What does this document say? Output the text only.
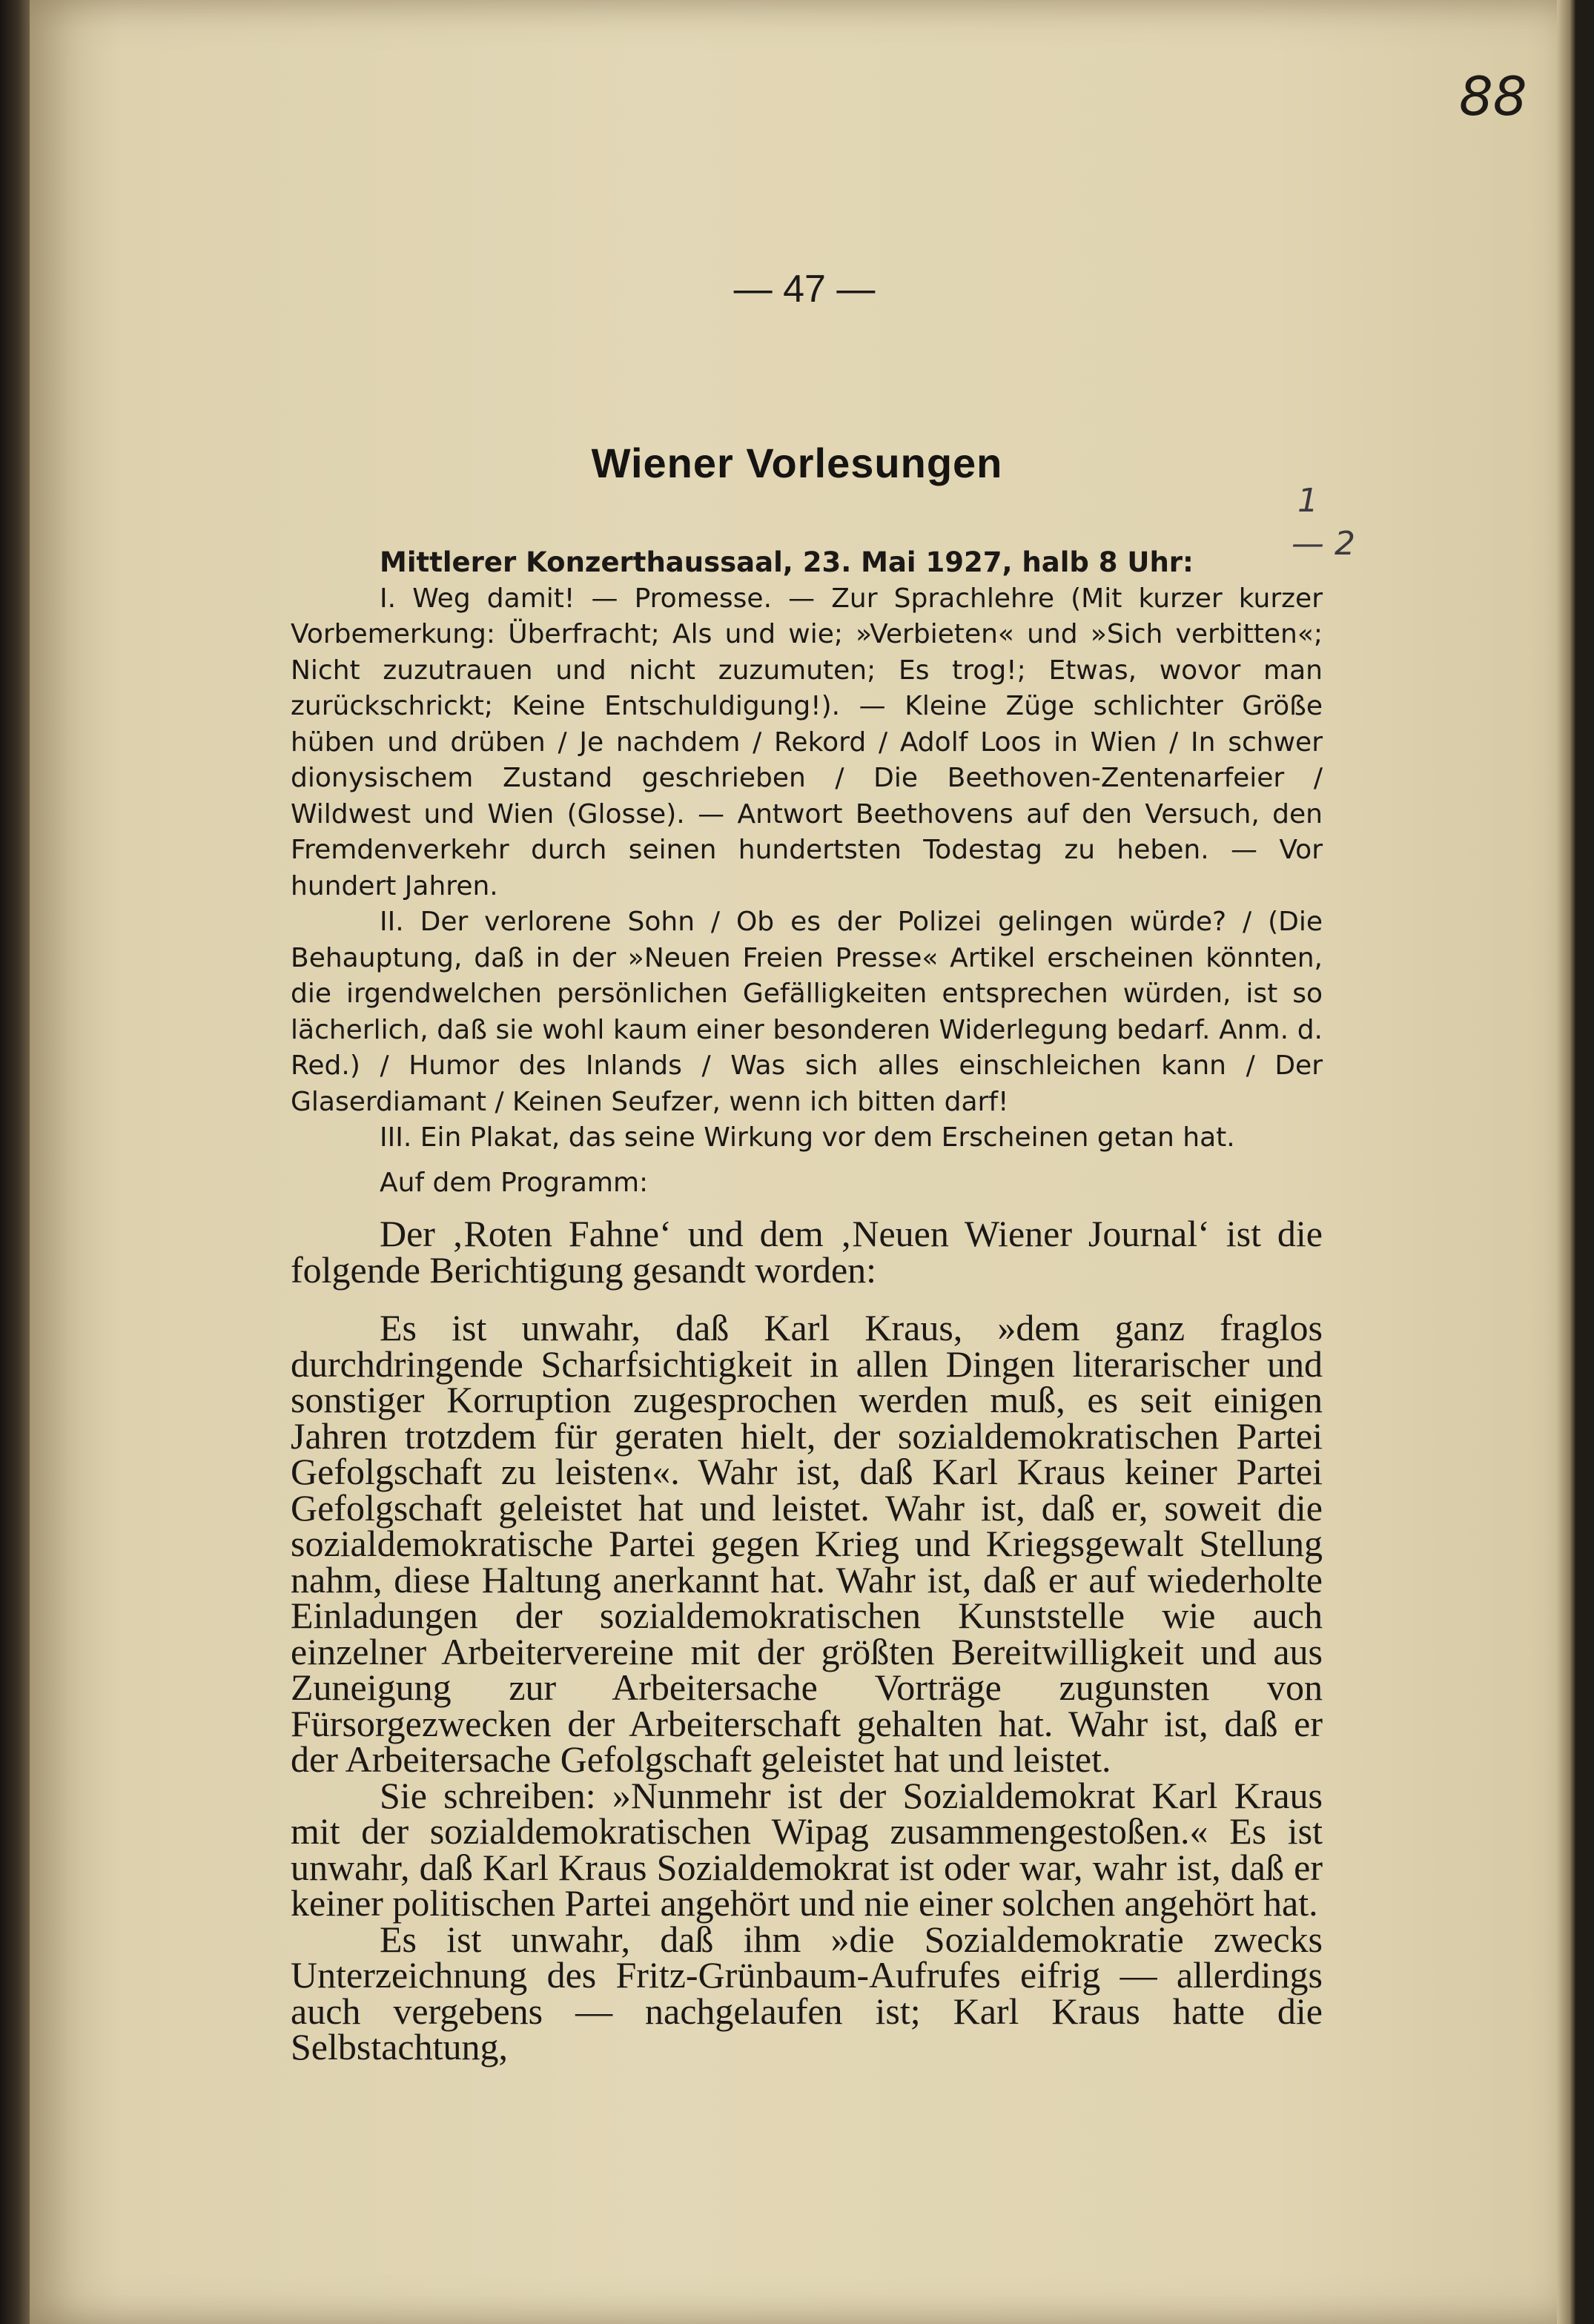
88
— 47 —
Wiener Vorlesungen
1
— 2

Mittlerer Konzerthaussaal, 23. Mai 1927, halb 8 Uhr:

I. Weg damit! — Promesse. — Zur Sprachlehre (Mit kurzer kurzer Vorbemerkung: Überfracht; Als und wie; »Verbieten« und »Sich verbitten«; Nicht zuzutrauen und nicht zuzumuten; Es trog!; Etwas, wovor man zurückschrickt; Keine Entschuldigung!). — Kleine Züge schlichter Größe hüben und drüben / Je nachdem / Rekord / Adolf Loos in Wien / In schwer dionysischem Zustand geschrieben / Die Beethoven-Zentenarfeier / Wildwest und Wien (Glosse). — Antwort Beethovens auf den Versuch, den Fremdenverkehr durch seinen hundertsten Todestag zu heben. — Vor hundert Jahren.

II. Der verlorene Sohn / Ob es der Polizei gelingen würde? / (Die Behauptung, daß in der »Neuen Freien Presse« Artikel erscheinen könnten, die irgendwelchen persönlichen Gefälligkeiten entsprechen würden, ist so lächerlich, daß sie wohl kaum einer besonderen Widerlegung bedarf. Anm. d. Red.) / Humor des Inlands / Was sich alles einschleichen kann / Der Glaserdiamant / Keinen Seufzer, wenn ich bitten darf!

III. Ein Plakat, das seine Wirkung vor dem Erscheinen getan hat.

Auf dem Programm:

Der ‚Roten Fahne‘ und dem ‚Neuen Wiener Journal‘ ist die folgende Berichtigung gesandt worden:

Es ist unwahr, daß Karl Kraus, »dem ganz fraglos durchdringende Scharfsichtigkeit in allen Dingen literarischer und sonstiger Korruption zugesprochen werden muß, es seit einigen Jahren trotzdem für geraten hielt, der sozialdemokratischen Partei Gefolgschaft zu leisten«. Wahr ist, daß Karl Kraus keiner Partei Gefolgschaft geleistet hat und leistet. Wahr ist, daß er, soweit die sozialdemokratische Partei gegen Krieg und Kriegsgewalt Stellung nahm, diese Haltung anerkannt hat. Wahr ist, daß er auf wiederholte Einladungen der sozialdemokratischen Kunststelle wie auch einzelner Arbeitervereine mit der größten Bereitwilligkeit und aus Zuneigung zur Arbeitersache Vorträge zugunsten von Fürsorgezwecken der Arbeiterschaft gehalten hat. Wahr ist, daß er der Arbeitersache Gefolgschaft geleistet hat und leistet.

Sie schreiben: »Nunmehr ist der Sozialdemokrat Karl Kraus mit der sozialdemokratischen Wipag zusammengestoßen.« Es ist unwahr, daß Karl Kraus Sozialdemokrat ist oder war, wahr ist, daß er keiner politischen Partei angehört und nie einer solchen angehört hat.

Es ist unwahr, daß ihm »die Sozialdemokratie zwecks Unterzeichnung des Fritz-Grünbaum-Aufrufes eifrig — allerdings auch vergebens — nachgelaufen ist; Karl Kraus hatte die Selbstachtung,
